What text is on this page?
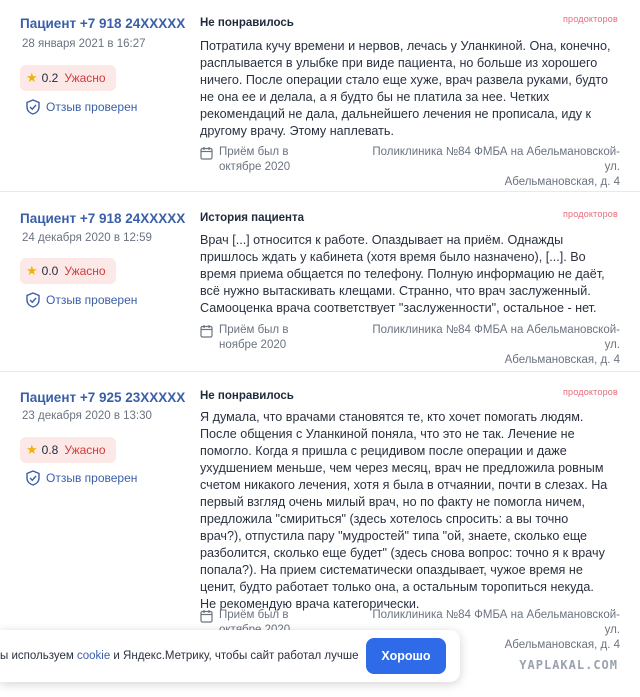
Пациент +7 918 24XXXXX
28 января 2021 в 16:27
★ 0.2 Ужасно
Отзыв проверен
Не понравилось	продокторов
Потратила кучу времени и нервов, лечась у Уланкиной. Она, конечно,
расплывается в улыбке при виде пациента, но больше из хорошего
ничего. После операции стало еще хуже, врач развела руками, будто
не она ее и делала, а я будто бы не платила за нее. Четких
рекомендаций не дала, дальнейшего лечения не прописала, иду к
другому врачу. Этому наплевать.
Приём был в
октябре 2020
Поликлиника №84 ФМБА на Абельмановской-ул.
Абельмановская, д. 4
Пациент +7 918 24XXXXX
24 декабря 2020 в 12:59
★ 0.0 Ужасно
Отзыв проверен
История пациента	продокторов
Врач [...] относится к работе. Опаздывает на приём. Однажды
пришлось ждать у кабинета (хотя время было назначено), [...]. Во
время приема общается по телефону. Полную информацию не даёт,
всё нужно вытаскивать клещами. Странно, что врач заслуженный.
Самооценка врача соответствует "заслуженности", остальное - нет.
Приём был в
ноябре 2020
Поликлиника №84 ФМБА на Абельмановской-ул.
Абельмановская, д. 4
Пациент +7 925 23XXXXX
23 декабря 2020 в 13:30
★ 0.8 Ужасно
Отзыв проверен
Не понравилось	продокторов
Я думала, что врачами становятся те, кто хочет помогать людям.
После общения с Уланкиной поняла, что это не так. Лечение не
помогло. Когда я пришла с рецидивом после операции и даже
ухудшением меньше, чем через месяц, врач не предложила ровным
счетом никакого лечения, хотя я была в отчаянии, почти в слезах. На
первый взгляд очень милый врач, но по факту не помогла ничем,
предложила "смириться" (здесь хотелось спросить: а вы точно
врач?), отпустила пару "мудростей" типа "ой, знаете, сколько еще
разболится, сколько еще будет" (здесь снова вопрос: точно я к врачу
попала?). На прием систематически опаздывает, чужое время не
ценит, будто работает только она, а остальным торопиться некуда.
Не рекомендую врача категорически.
Приём был в	Поликлиника №84 ФМБА на Абельмановской-ул.
Абельмановская, д. 4
ы используем cookie и Яндекс.Метрику, чтобы сайт работал лучше	Хорошо
YAPLAKAL.COM
